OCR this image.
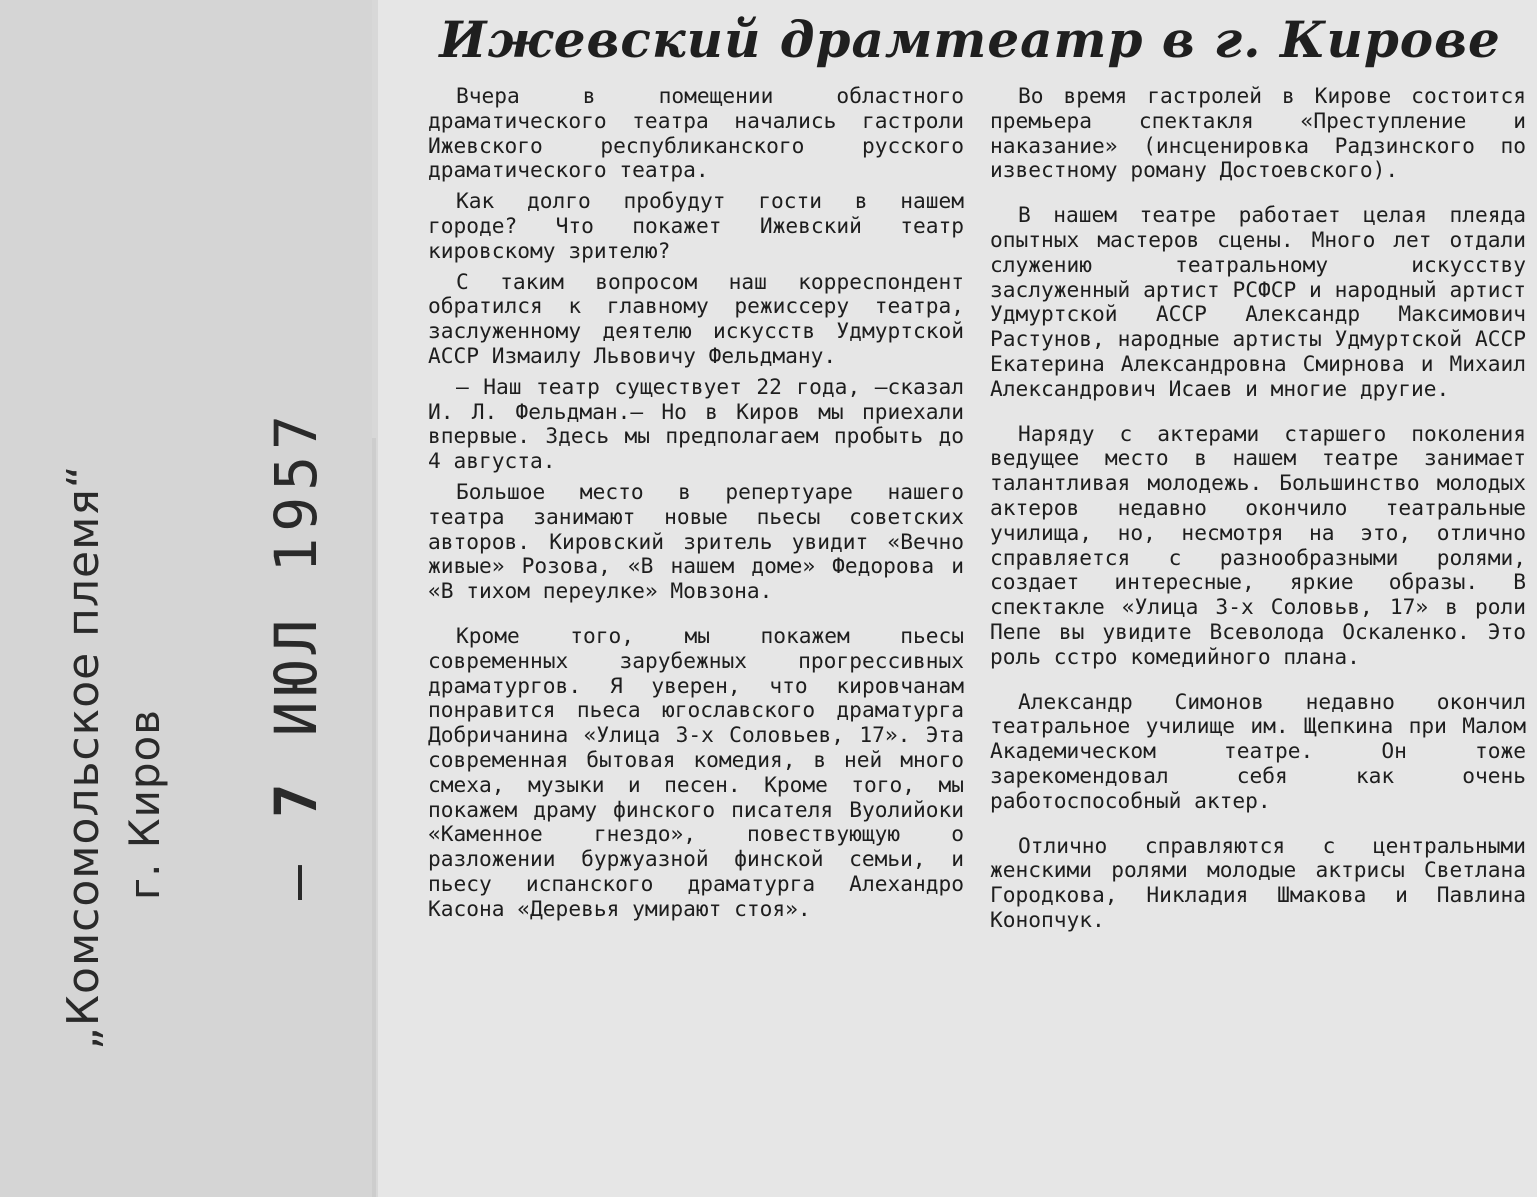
„Комсомольское племя“ г. Киров — 7 ИЮЛ 1957
Ижевский драмтеатр в г. Кирове

Вчера в помещении областного драматического театра начались гастроли Ижевского республиканского русского драматического театра.

Как долго пробудут гости в нашем городе? Что покажет Ижевский театр кировскому зрителю?

С таким вопросом наш корреспондент обратился к главному режиссеру театра, заслуженному деятелю искусств Удмуртской АССР Измаилу Львовичу Фельдману.

— Наш театр существует 22 года, —сказал И. Л. Фельдман.— Но в Киров мы приехали впервые. Здесь мы предполагаем пробыть до 4 августа.

Большое место в репертуаре нашего театра занимают новые пьесы советских авторов. Кировский зритель увидит «Вечно живые» Розова, «В нашем доме» Федорова и «В тихом переулке» Мовзона.

Кроме того, мы покажем пьесы современных зарубежных прогрессивных драматургов. Я уверен, что кировчанам понравится пьеса югославского драматурга Добричанина «Улица 3-х Соловьев, 17». Эта современная бытовая комедия, в ней много смеха, музыки и песен. Кроме того, мы покажем драму финского писателя Вуолийоки «Каменное гнездо», повествующую о разложении буржуазной финской семьи, и пьесу испанского драматурга Алехандро Касона «Деревья умирают стоя».

Во время гастролей в Кирове состоится премьера спектакля «Преступление и наказание» (инсценировка Радзинского по известному роману Достоевского).

В нашем театре работает целая плеяда опытных мастеров сцены. Много лет отдали служению театральному искусству заслуженный артист РСФСР и народный артист Удмуртской АССР Александр Максимович Растунов, народные артисты Удмуртской АССР Екатерина Александровна Смирнова и Михаил Александрович Исаев и многие другие.

Наряду с актерами старшего поколения ведущее место в нашем театре занимает талантливая молодежь. Большинство молодых актеров недавно окончило театральные училища, но, несмотря на это, отлично справляется с разнообразными ролями, создает интересные, яркие образы. В спектакле «Улица 3-х Соловьв, 17» в роли Пепе вы увидите Всеволода Оскаленко. Это роль сстро комедийного плана.

Александр Симонов недавно окончил театральное училище им. Щепкина при Малом Академическом театре. Он тоже зарекомендовал себя как очень работоспособный актер.

Отлично справляются с центральными женскими ролями молодые актрисы Светлана Городкова, Никладия Шмакова и Павлина Конопчук.
